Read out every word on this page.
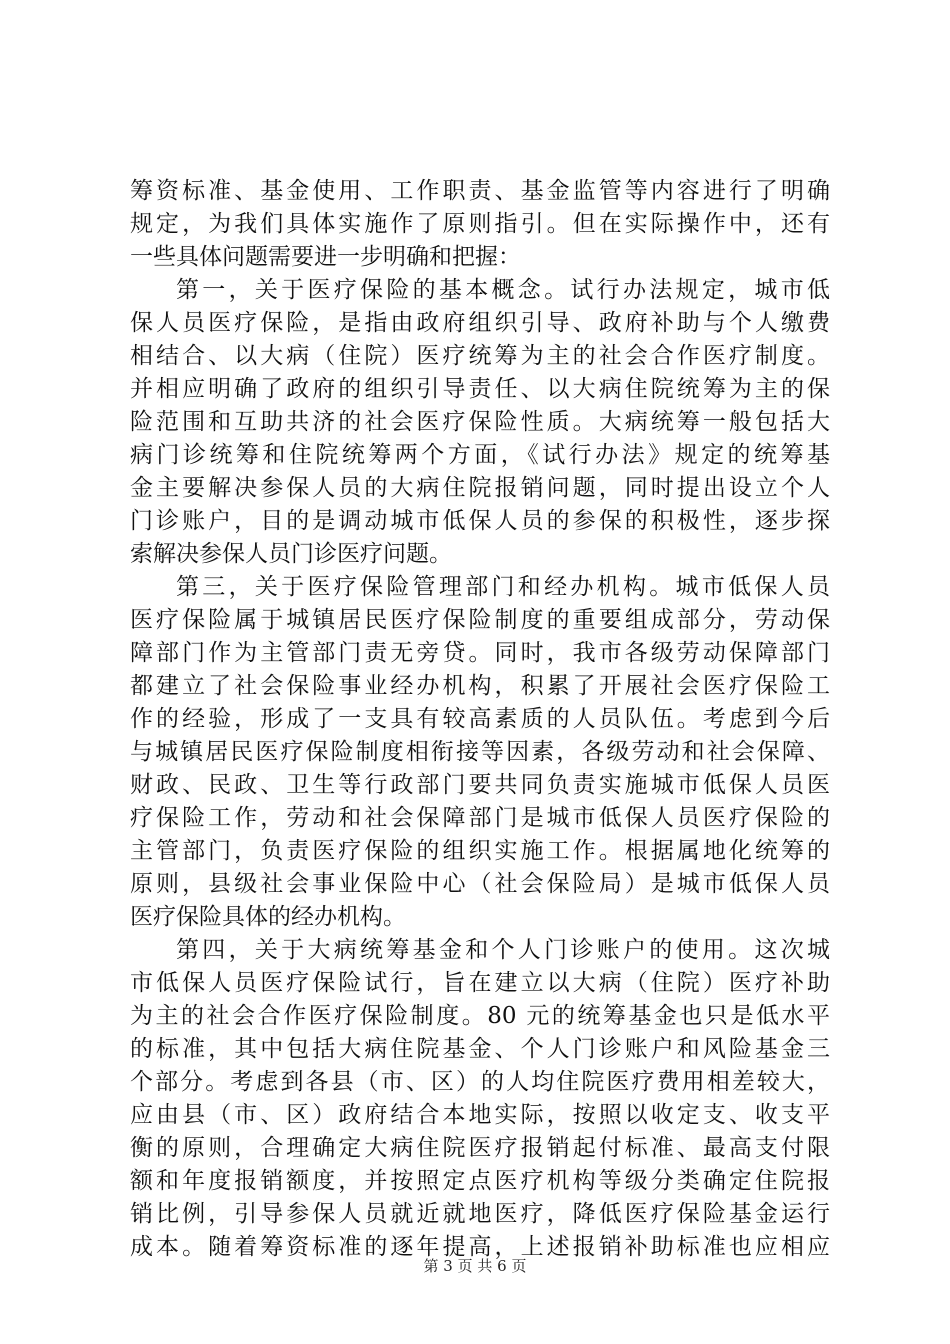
筹资标准、基金使用、工作职责、基金监管等内容进行了明确
规定，为我们具体实施作了原则指引。但在实际操作中，还有
一些具体问题需要进一步明确和把握：
第一，关于医疗保险的基本概念。试行办法规定，城市低
保人员医疗保险，是指由政府组织引导、政府补助与个人缴费
相结合、以大病（住院）医疗统筹为主的社会合作医疗制度。
并相应明确了政府的组织引导责任、以大病住院统筹为主的保
险范围和互助共济的社会医疗保险性质。大病统筹一般包括大
病门诊统筹和住院统筹两个方面，《试行办法》规定的统筹基
金主要解决参保人员的大病住院报销问题，同时提出设立个人
门诊账户，目的是调动城市低保人员的参保的积极性，逐步探
索解决参保人员门诊医疗问题。
第三，关于医疗保险管理部门和经办机构。城市低保人员
医疗保险属于城镇居民医疗保险制度的重要组成部分，劳动保
障部门作为主管部门责无旁贷。同时，我市各级劳动保障部门
都建立了社会保险事业经办机构，积累了开展社会医疗保险工
作的经验，形成了一支具有较高素质的人员队伍。考虑到今后
与城镇居民医疗保险制度相衔接等因素，各级劳动和社会保障、
财政、民政、卫生等行政部门要共同负责实施城市低保人员医
疗保险工作，劳动和社会保障部门是城市低保人员医疗保险的
主管部门，负责医疗保险的组织实施工作。根据属地化统筹的
原则，县级社会事业保险中心（社会保险局）是城市低保人员
医疗保险具体的经办机构。
第四，关于大病统筹基金和个人门诊账户的使用。这次城
市低保人员医疗保险试行，旨在建立以大病（住院）医疗补助
为主的社会合作医疗保险制度。80 元的统筹基金也只是低水平
的标准，其中包括大病住院基金、个人门诊账户和风险基金三
个部分。考虑到各县（市、区）的人均住院医疗费用相差较大，
应由县（市、区）政府结合本地实际，按照以收定支、收支平
衡的原则，合理确定大病住院医疗报销起付标准、最高支付限
额和年度报销额度，并按照定点医疗机构等级分类确定住院报
销比例，引导参保人员就近就地医疗，降低医疗保险基金运行
成本。随着筹资标准的逐年提高，上述报销补助标准也应相应
第 3 页 共 6 页
